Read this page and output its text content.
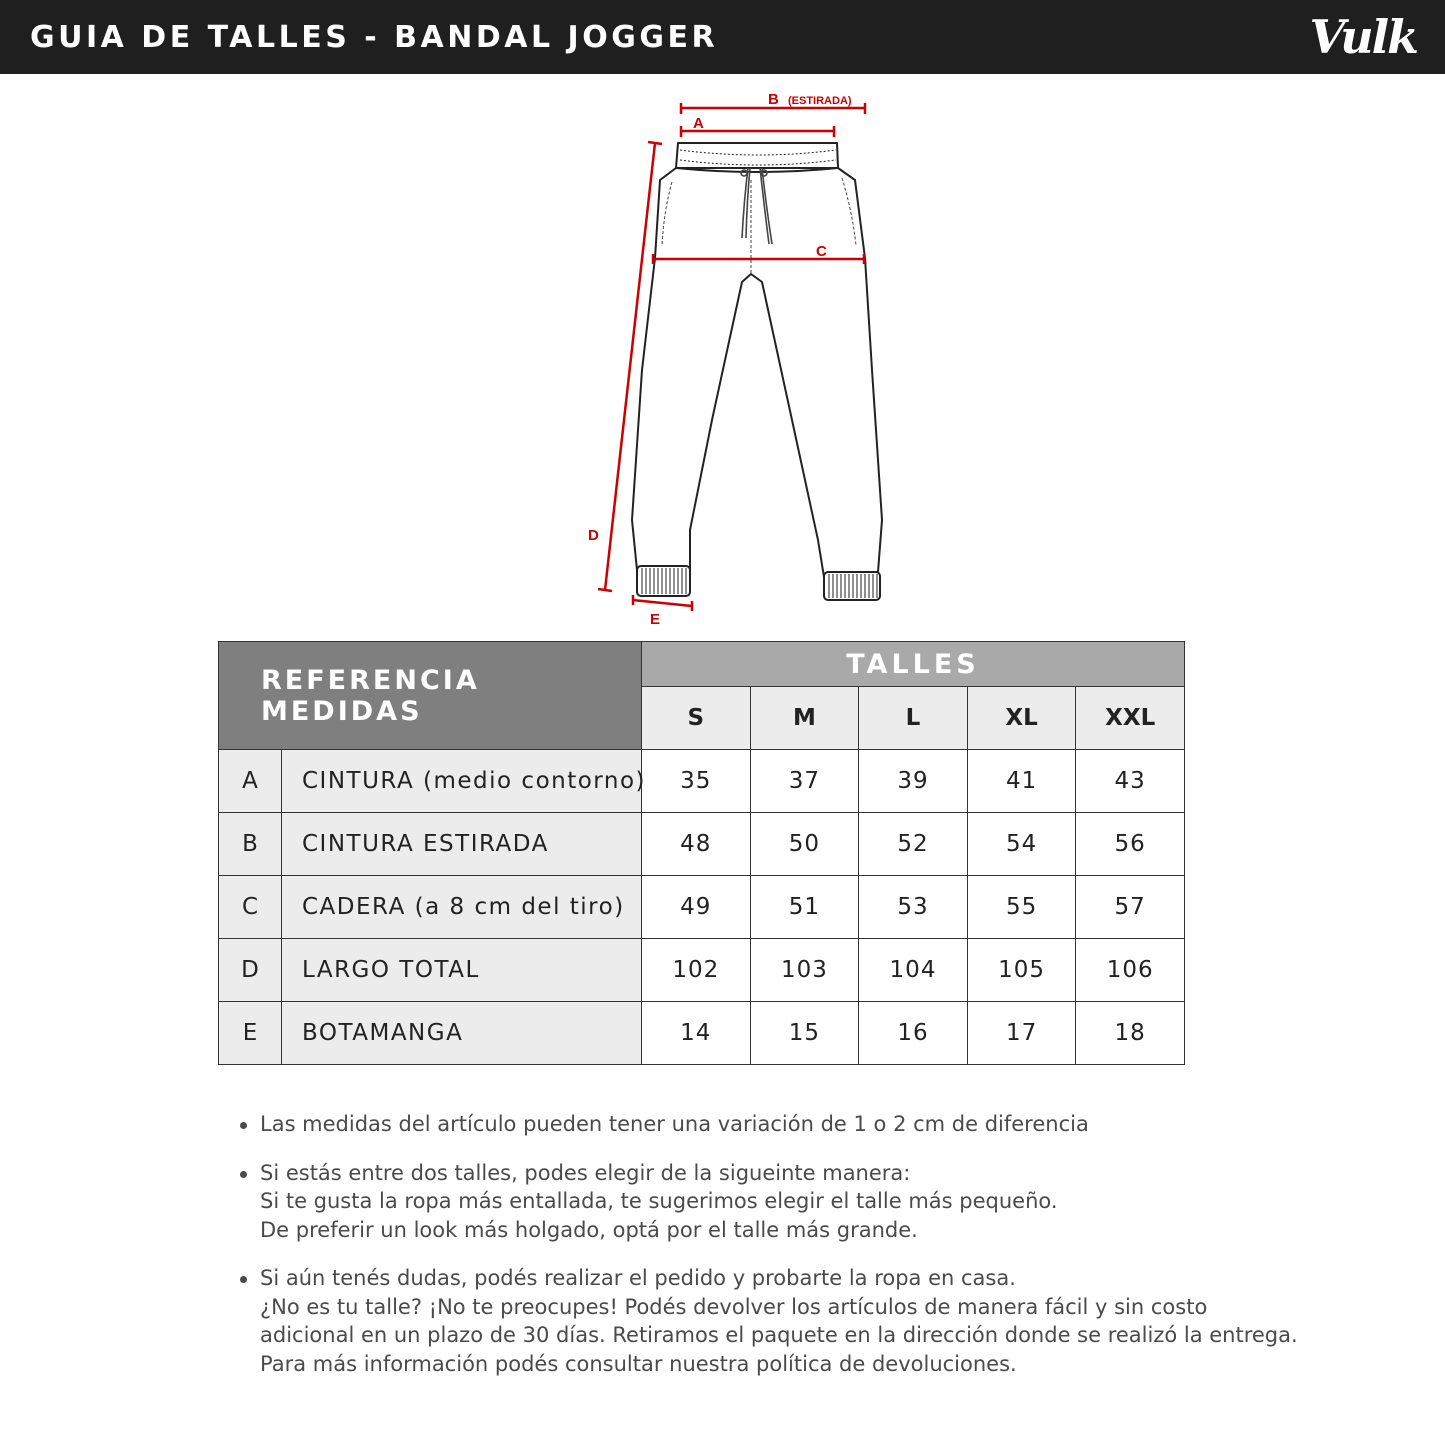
GUIA DE TALLES - BANDAL JOGGER	Vulk
B (ESTIRADA)
A
C
D
E
REFERENCIA MEDIDAS		TALLES				
		S	M	L	XL	XXL
A	CINTURA (medio contorno)	35	37	39	41	43
B	CINTURA ESTIRADA	48	50	52	54	56
C	CADERA (a 8 cm del tiro)	49	51	53	55	57
D	LARGO TOTAL	102	103	104	105	106
E	BOTAMANGA	14	15	16	17	18
Las medidas del artículo pueden tener una variación de 1 o 2 cm de diferencia
Si estás entre dos talles, podes elegir de la sigueinte manera:
Si te gusta la ropa más entallada, te sugerimos elegir el talle más pequeño.
De preferir un look más holgado, optá por el talle más grande.
Si aún tenés dudas, podés realizar el pedido y probarte la ropa en casa.
¿No es tu talle? ¡No te preocupes! Podés devolver los artículos de manera fácil y sin costo
adicional en un plazo de 30 días. Retiramos el paquete en la dirección donde se realizó la entrega.
Para más información podés consultar nuestra política de devoluciones.
